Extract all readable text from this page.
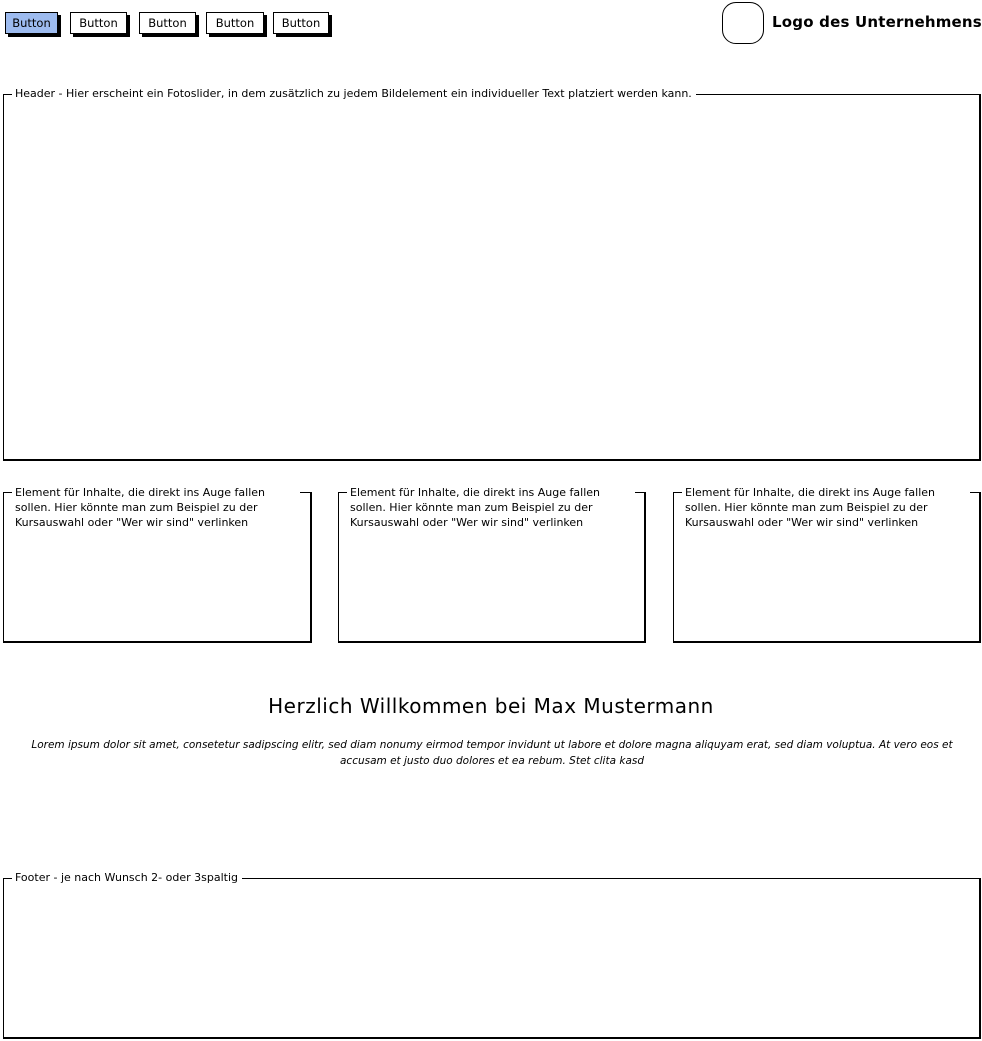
Button	Button	Button	Button	Button	Logo des Unternehmens
Header - Hier erscheint ein Fotoslider, in dem zusätzlich zu jedem Bildelement ein individueller Text platziert werden kann.
Element für Inhalte, die direkt ins Auge fallen sollen. Hier könnte man zum Beispiel zu der Kursauswahl oder "Wer wir sind" verlinken
Element für Inhalte, die direkt ins Auge fallen sollen. Hier könnte man zum Beispiel zu der Kursauswahl oder "Wer wir sind" verlinken
Element für Inhalte, die direkt ins Auge fallen sollen. Hier könnte man zum Beispiel zu der Kursauswahl oder "Wer wir sind" verlinken
Herzlich Willkommen bei Max Mustermann
Lorem ipsum dolor sit amet, consetetur sadipscing elitr, sed diam nonumy eirmod tempor invidunt ut labore et dolore magna aliquyam erat, sed diam voluptua. At vero eos et accusam et justo duo dolores et ea rebum. Stet clita kasd
Footer - je nach Wunsch 2- oder 3spaltig
